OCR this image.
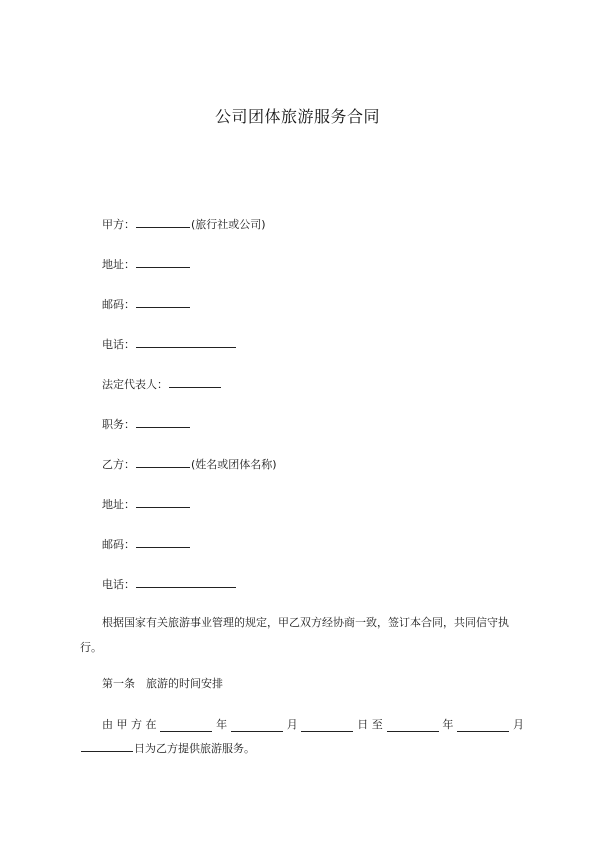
公司团体旅游服务合同
甲方：	(旅行社或公司)
地址：
邮码：
电话：
法定代表人：
职务：
乙方：	(姓名或团体名称)
地址：
邮码：
电话：
根据国家有关旅游事业管理的规定，甲乙双方经协商一致，签订本合同，共同信守执行。
第一条　旅游的时间安排
由 甲 方 在	年	月	日 至	年	月
日为乙方提供旅游服务。
